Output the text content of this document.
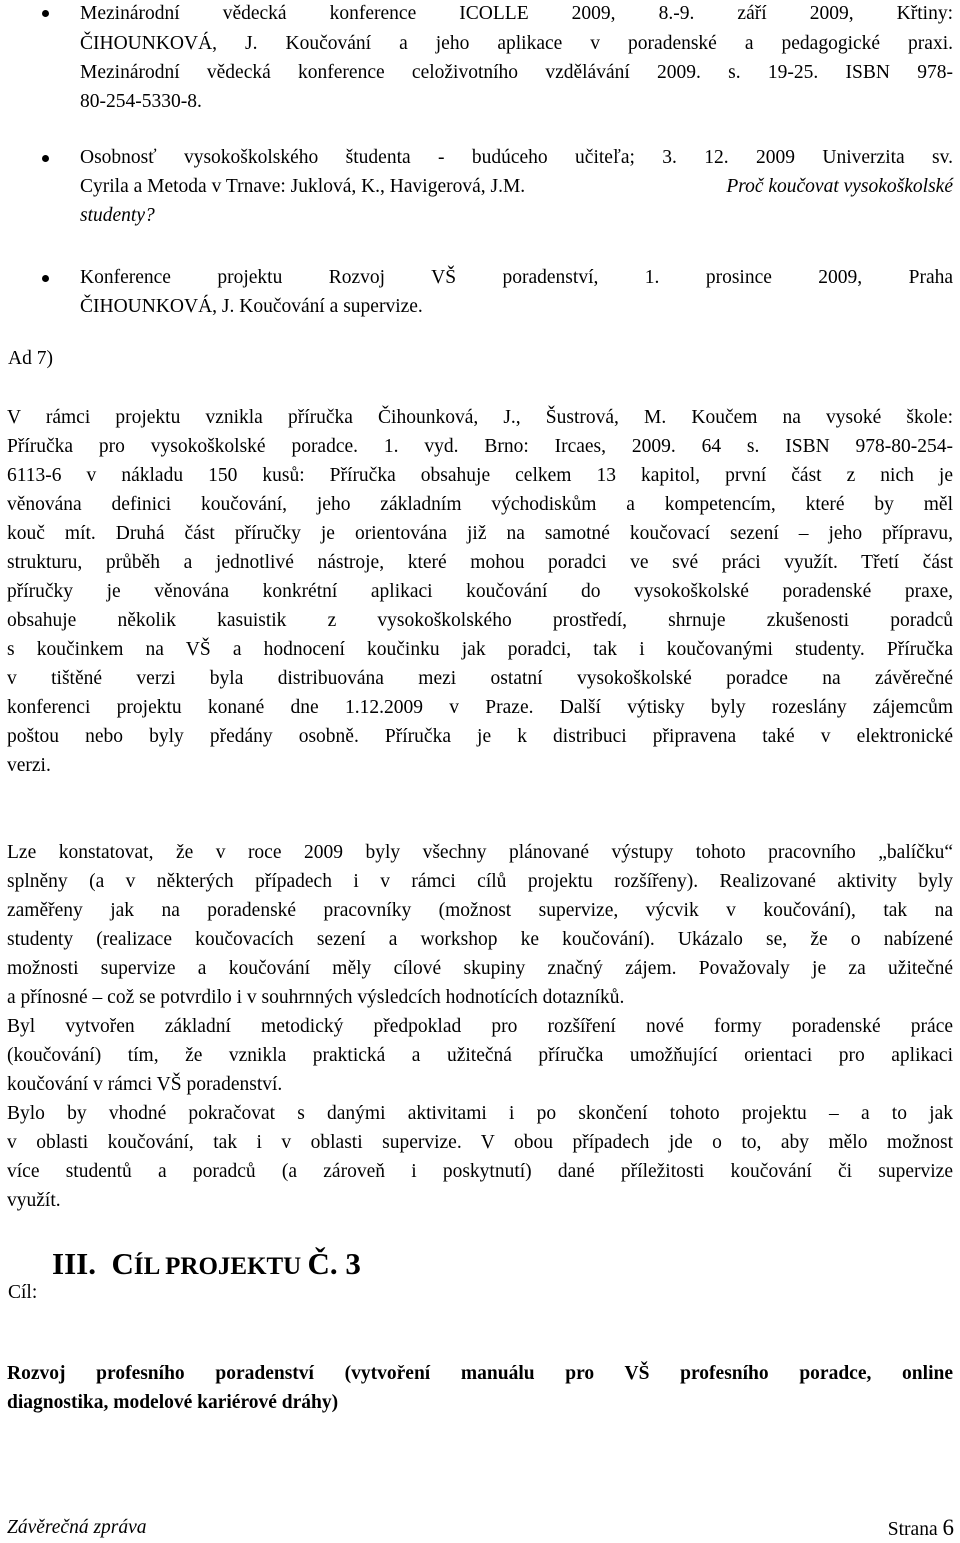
Mezinárodní vědecká konference ICOLLE 2009, 8.-9. září 2009, Křtiny:
ČIHOUNKOVÁ, J. Koučování a jeho aplikace v poradenské a pedagogické praxi.
Mezinárodní vědecká konference celoživotního vzdělávání 2009. s. 19-25. ISBN 978-
80-254-5330-8.
Osobnosť vysokoškolského študenta - budúceho učiteľa; 3. 12. 2009 Univerzita sv.
Cyrila a Metoda v Trnave: Juklová, K., Havigerová, J.M.	Proč koučovat vysokoškolské
studenty?
Konference projektu Rozvoj VŠ poradenství, 1. prosince 2009, Praha
ČIHOUNKOVÁ, J. Koučování a supervize.
Ad 7)
V rámci projektu vznikla příručka Čihounková, J., Šustrová, M. Koučem na vysoké škole:
Příručka pro vysokoškolské poradce. 1. vyd. Brno: Ircaes, 2009. 64 s. ISBN 978-80-254-
6113-6 v nákladu 150 kusů: Příručka obsahuje celkem 13 kapitol, první část z nich je
věnována definici koučování, jeho základním východiskům a kompetencím, které by měl
kouč mít. Druhá část příručky je orientována již na samotné koučovací sezení – jeho přípravu,
strukturu, průběh a jednotlivé nástroje, které mohou poradci ve své práci využít. Třetí část
příručky je věnována konkrétní aplikaci koučování do vysokoškolské poradenské praxe,
obsahuje několik kasuistik z vysokoškolského prostředí, shrnuje zkušenosti poradců
s koučinkem na VŠ a hodnocení koučinku jak poradci, tak i koučovanými studenty. Příručka
v tištěné verzi byla distribuována mezi ostatní vysokoškolské poradce na závěrečné
konferenci projektu konané dne 1.12.2009 v Praze. Další výtisky byly rozeslány zájemcům
poštou nebo byly předány osobně. Příručka je k distribuci připravena také v elektronické
verzi.
Lze konstatovat, že v roce 2009 byly všechny plánované výstupy tohoto pracovního „balíčku“
splněny (a v některých případech i v rámci cílů projektu rozšířeny). Realizované aktivity byly
zaměřeny jak na poradenské pracovníky (možnost supervize, výcvik v koučování), tak na
studenty (realizace koučovacích sezení a workshop ke koučování). Ukázalo se, že o nabízené
možnosti supervize a koučování měly cílové skupiny značný zájem. Považovaly je za užitečné
a přínosné – což se potvrdilo i v souhrnných výsledcích hodnotících dotazníků.
Byl vytvořen základní metodický předpoklad pro rozšíření nové formy poradenské práce
(koučování) tím, že vznikla praktická a užitečná příručka umožňující orientaci pro aplikaci
koučování v rámci VŠ poradenství.
Bylo by vhodné pokračovat s danými aktivitami i po skončení tohoto projektu – a to jak
v oblasti koučování, tak i v oblasti supervize. V obou případech jde o to, aby mělo možnost
více studentů a poradců (a zároveň i poskytnutí) dané příležitosti koučování či supervize
využít.
III. CÍL PROJEKTU Č. 3
Cíl:
Rozvoj profesního poradenství (vytvoření manuálu pro VŠ profesního poradce, online
diagnostika, modelové kariérové dráhy)
Závěrečná zpráva	Strana 6
